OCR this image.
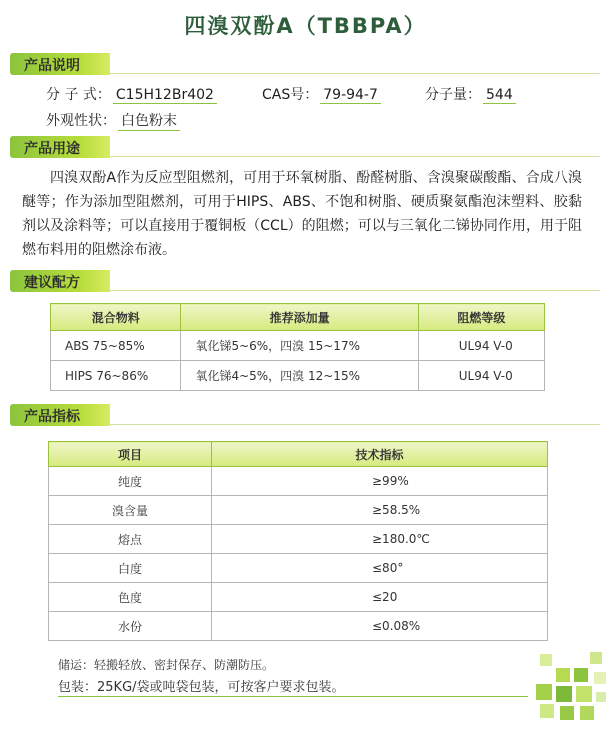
四溴双酚A（TBBPA）
产品说明
分 子 式： C15H12Br402	CAS号： 79-94-7	分子量： 544
外观性状： 白色粉末
产品用途
四溴双酚A作为反应型阻燃剂，可用于环氧树脂、酚醛树脂、含溴聚碳酸酯、合成八溴醚等；作为添加型阻燃剂，可用于HIPS、ABS、不饱和树脂、硬质聚氨酯泡沫塑料、胶黏剂以及涂料等；可以直接用于覆铜板（CCL）的阻燃；可以与三氧化二锑协同作用，用于阻燃布料用的阻燃涂布液。
建议配方
混合物料	推荐添加量	阻燃等级
ABS 75~85%	氧化锑5~6%，四溴 15~17%	UL94 V-0
HIPS 76~86%	氧化锑4~5%，四溴 12~15%	UL94 V-0
产品指标
项目	技术指标
纯度	≥99%
溴含量	≥58.5%
熔点	≥180.0℃
白度	≤80°
色度	≤20
水份	≤0.08%
储运：轻搬轻放、密封保存、防潮防压。
包装：25KG/袋或吨袋包装，可按客户要求包装。
